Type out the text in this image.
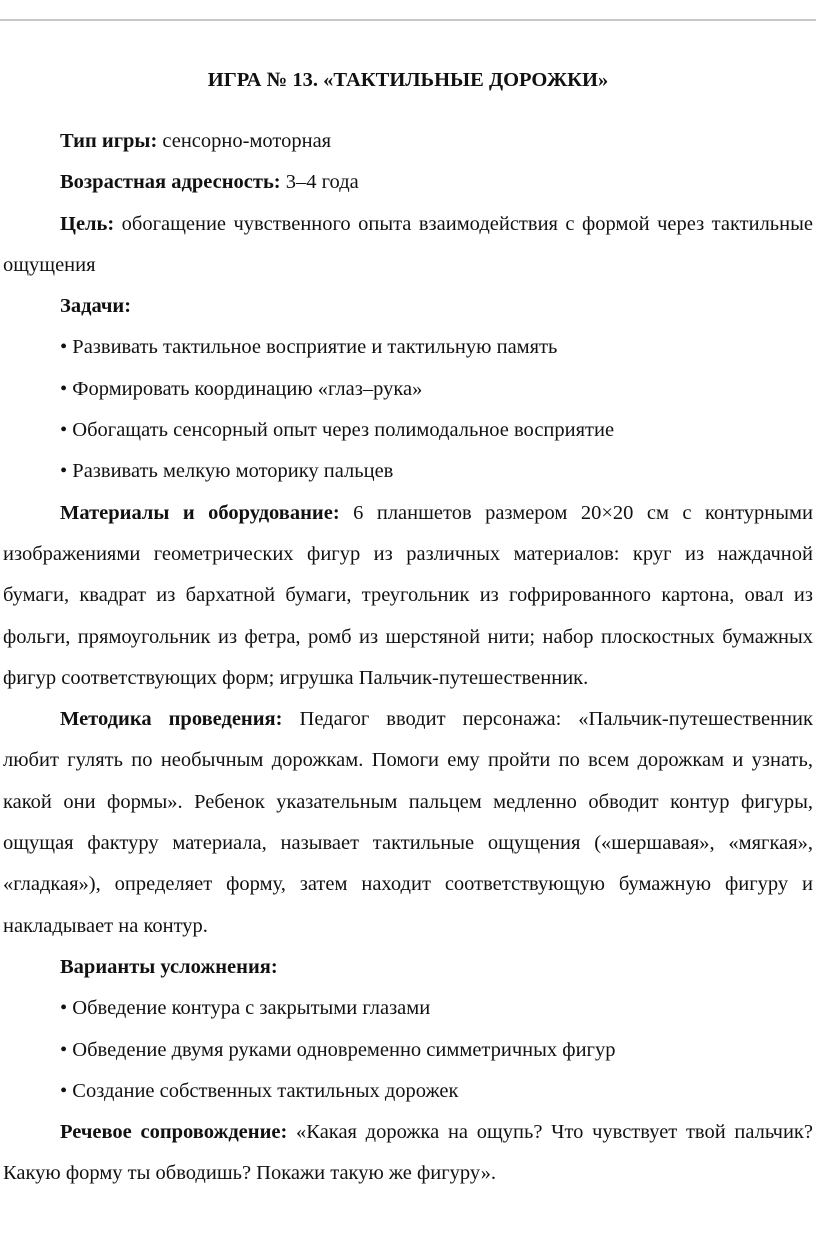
ИГРА № 13. «ТАКТИЛЬНЫЕ ДОРОЖКИ»

Тип игры: сенсорно-моторная

Возрастная адресность: 3–4 года

Цель: обогащение чувственного опыта взаимодействия с формой через тактильные ощущения

Задачи:

• Развивать тактильное восприятие и тактильную память

• Формировать координацию «глаз–рука»

• Обогащать сенсорный опыт через полимодальное восприятие

• Развивать мелкую моторику пальцев

Материалы и оборудование: 6 планшетов размером 20×20 см с контурными изображениями геометрических фигур из различных материалов: круг из наждачной бумаги, квадрат из бархатной бумаги, треугольник из гофрированного картона, овал из фольги, прямоугольник из фетра, ромб из шерстяной нити; набор плоскостных бумажных фигур соответствующих форм; игрушка Пальчик-путешественник.

Методика проведения: Педагог вводит персонажа: «Пальчик-путешественник любит гулять по необычным дорожкам. Помоги ему пройти по всем дорожкам и узнать, какой они формы». Ребенок указательным пальцем медленно обводит контур фигуры, ощущая фактуру материала, называет тактильные ощущения («шершавая», «мягкая», «гладкая»), определяет форму, затем находит соответствующую бумажную фигуру и накладывает на контур.

Варианты усложнения:

• Обведение контура с закрытыми глазами

• Обведение двумя руками одновременно симметричных фигур

• Создание собственных тактильных дорожек

Речевое сопровождение: «Какая дорожка на ощупь? Что чувствует твой пальчик? Какую форму ты обводишь? Покажи такую же фигуру».
